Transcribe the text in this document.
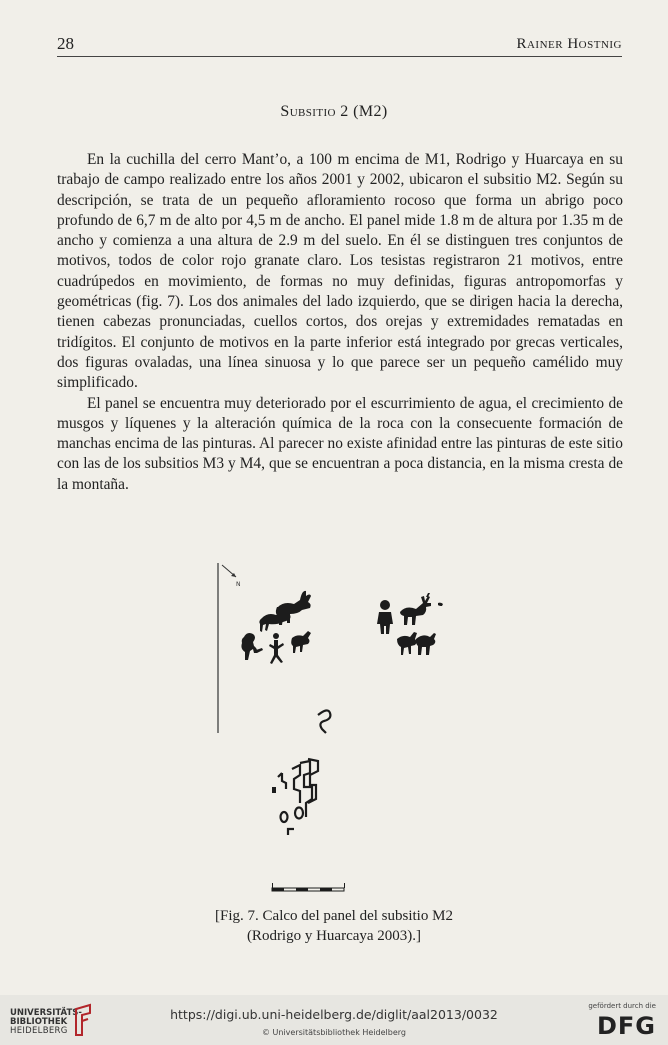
28	Rainer Hostnig
Subsitio 2 (M2)

En la cuchilla del cerro Mant’o, a 100 m encima de M1, Rodrigo y Huarcaya en su trabajo de campo realizado entre los años 2001 y 2002, ubicaron el subsitio M2. Según su descripción, se trata de un pequeño afloramiento rocoso que forma un abrigo poco profundo de 6,7 m de alto por 4,5 m de ancho. El panel mide 1.8 m de altura por 1.35 m de ancho y comienza a una altura de 2.9 m del suelo. En él se distinguen tres conjuntos de motivos, todos de color rojo granate claro. Los tesistas registraron 21 motivos, entre cuadrúpedos en movimiento, de formas no muy definidas, figuras antropomorfas y geométricas (fig. 7). Los dos animales del lado izquierdo, que se dirigen hacia la derecha, tienen cabezas pronunciadas, cuellos cortos, dos orejas y extremidades rematadas en tridígitos. El conjunto de motivos en la parte inferior está integrado por grecas verticales, dos figuras ovaladas, una línea sinuosa y lo que parece ser un pequeño camélido muy simplificado.

El panel se encuentra muy deteriorado por el escurrimiento de agua, el crecimiento de musgos y líquenes y la alteración química de la roca con la consecuente formación de manchas encima de las pinturas. Al parecer no existe afinidad entre las pinturas de este sitio con las de los subsitios M3 y M4, que se encuentran a poca distancia, en la misma cresta de la montaña.

N
[Fig. 7. Calco del panel del subsitio M2
(Rodrigo y Huarcaya 2003).]
UNIVERSITÄTS-
BIBLIOTHEK
HEIDELBERG
https://digi.ub.uni-heidelberg.de/diglit/aal2013/0032
© Universitätsbibliothek Heidelberg
gefördert durch die
DFG
